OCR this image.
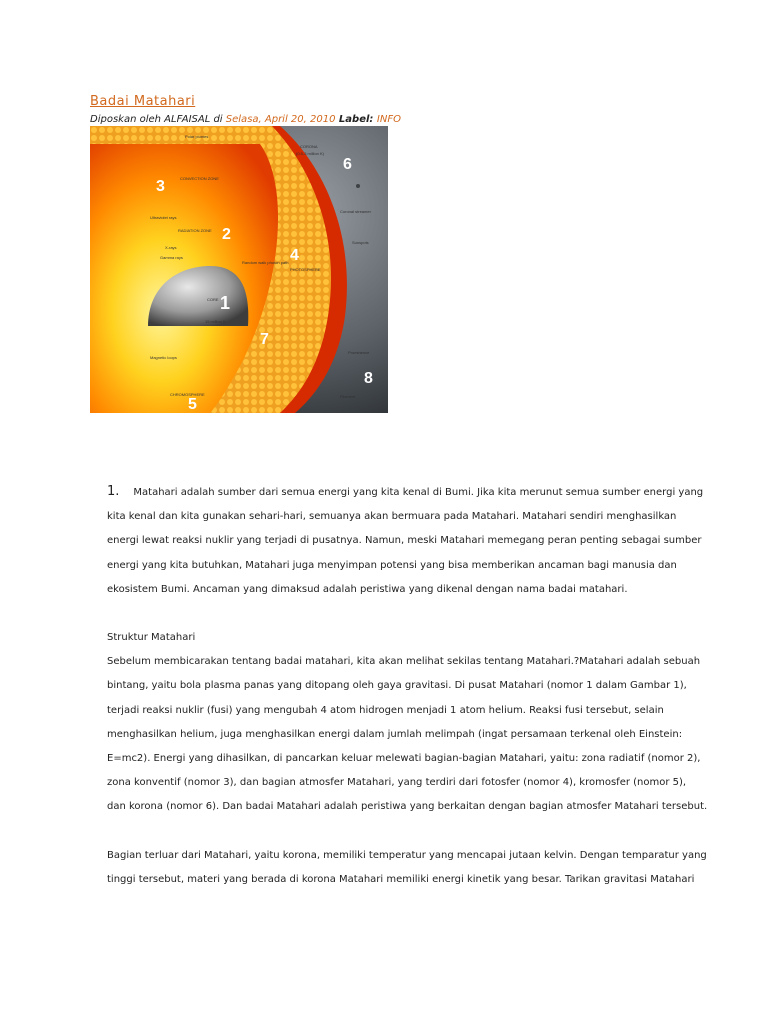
Badai Matahari
Diposkan oleh ALFAISAL di Selasa, April 20, 2010 Label: INFO
1
2
3
4
5
6
7
8
CORE
15 million K
RADIATION ZONE
CONVECTION ZONE
PHOTOSPHERE
CHROMOSPHERE
CORONA
(0.5-3 million K)
Polar plumes
Coronal streamer
Sunspots
Prominence
Magnetic loops
Filament
X-rays
Gamma rays
Ultraviolet rays
Random walk photon path
1. Matahari adalah sumber dari semua energi yang kita kenal di Bumi. Jika kita merunut semua sumber energi yang
kita kenal dan kita gunakan sehari-hari, semuanya akan bermuara pada Matahari. Matahari sendiri menghasilkan
energi lewat reaksi nuklir yang terjadi di pusatnya. Namun, meski Matahari memegang peran penting sebagai sumber
energi yang kita butuhkan, Matahari juga menyimpan potensi yang bisa memberikan ancaman bagi manusia dan
ekosistem Bumi. Ancaman yang dimaksud adalah peristiwa yang dikenal dengan nama badai matahari.
Struktur Matahari
Sebelum membicarakan tentang badai matahari, kita akan melihat sekilas tentang Matahari.?Matahari adalah sebuah
bintang, yaitu bola plasma panas yang ditopang oleh gaya gravitasi. Di pusat Matahari (nomor 1 dalam Gambar 1),
terjadi reaksi nuklir (fusi) yang mengubah 4 atom hidrogen menjadi 1 atom helium. Reaksi fusi tersebut, selain
menghasilkan helium, juga menghasilkan energi dalam jumlah melimpah (ingat persamaan terkenal oleh Einstein:
E=mc2). Energi yang dihasilkan, di pancarkan keluar melewati bagian-bagian Matahari, yaitu: zona radiatif (nomor 2),
zona konventif (nomor 3), dan bagian atmosfer Matahari, yang terdiri dari fotosfer (nomor 4), kromosfer (nomor 5),
dan korona (nomor 6). Dan badai Matahari adalah peristiwa yang berkaitan dengan bagian atmosfer Matahari tersebut.
Bagian terluar dari Matahari, yaitu korona, memiliki temperatur yang mencapai jutaan kelvin. Dengan temparatur yang
tinggi tersebut, materi yang berada di korona Matahari memiliki energi kinetik yang besar. Tarikan gravitasi Matahari
